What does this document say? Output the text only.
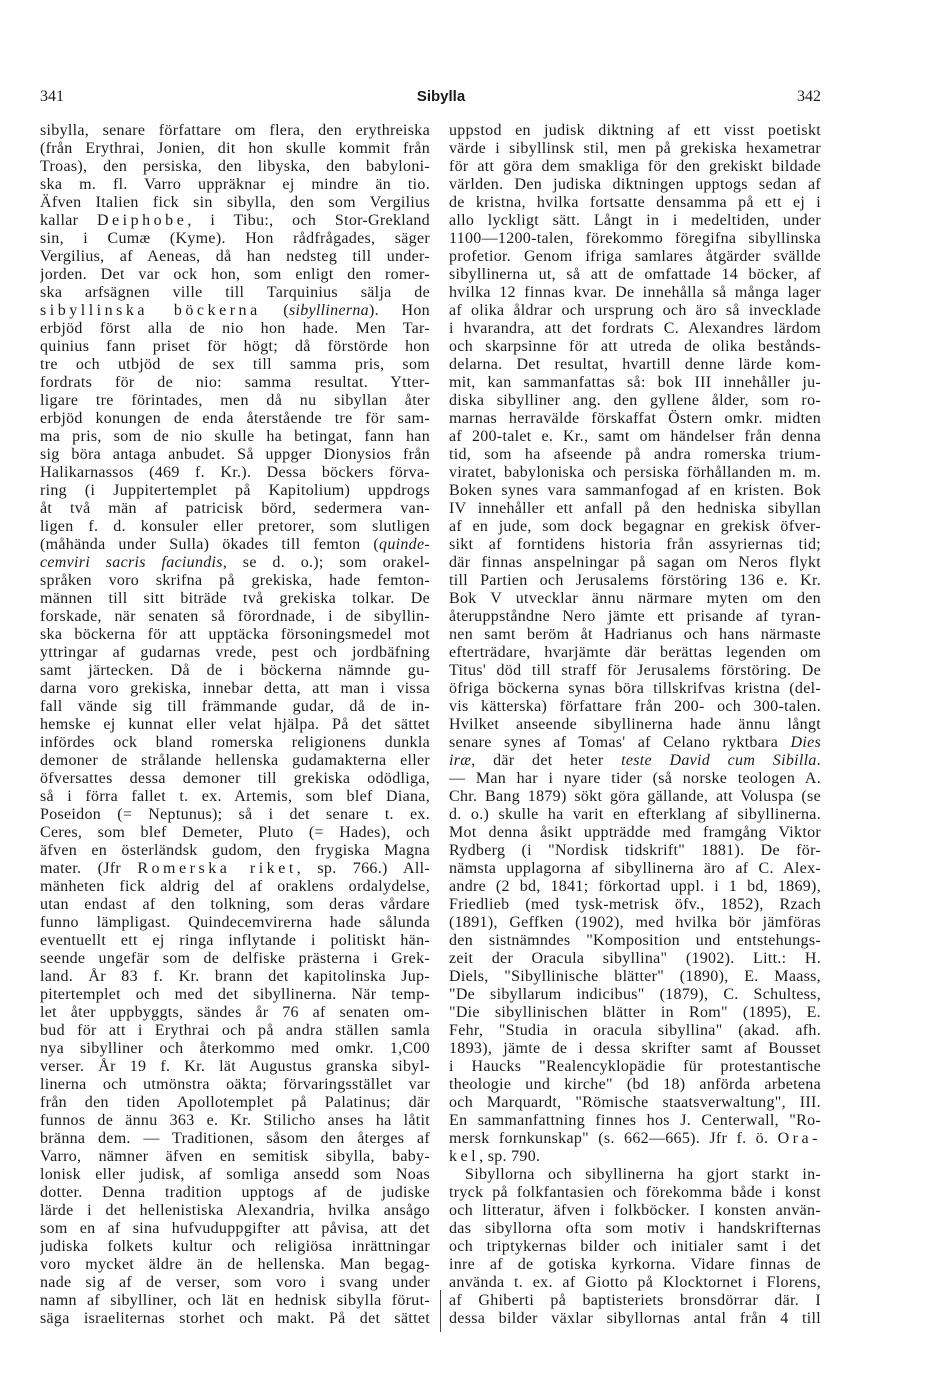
341	Sibylla	342
sibylla, senare författare om flera, den erythreiska
(från Erythrai, Jonien, dit hon skulle kommit från
Troas), den persiska, den libyska, den babyloni-
ska m. fl. Varro uppräknar ej mindre än tio.
Äfven Italien fick sin sibylla, den som Vergilius
kallar Deiphobe, i Tibu:, och Stor-Grekland
sin, i Cumæ (Kyme). Hon rådfrågades, säger
Vergilius, af Aeneas, då han nedsteg till under-
jorden. Det var ock hon, som enligt den romer-
ska arfsägnen ville till Tarquinius sälja de
sibyllinska böckerna (sibyllinerna). Hon
erbjöd först alla de nio hon hade. Men Tar-
quinius fann priset för högt; då förstörde hon
tre och utbjöd de sex till samma pris, som
fordrats för de nio: samma resultat. Ytter-
ligare tre förintades, men då nu sibyllan åter
erbjöd konungen de enda återstående tre för sam-
ma pris, som de nio skulle ha betingat, fann han
sig böra antaga anbudet. Så uppger Dionysios från
Halikarnassos (469 f. Kr.). Dessa böckers förva-
ring (i Juppitertemplet på Kapitolium) uppdrogs
åt två män af patricisk börd, sedermera van-
ligen f. d. konsuler eller pretorer, som slutligen
(måhända under Sulla) ökades till femton (quinde-
cemviri sacris faciundis, se d. o.); som orakel-
språken voro skrifna på grekiska, hade femton-
männen till sitt biträde två grekiska tolkar. De
forskade, när senaten så förordnade, i de sibyllin-
ska böckerna för att upptäcka försoningsmedel mot
yttringar af gudarnas vrede, pest och jordbäfning
samt järtecken. Då de i böckerna nämnde gu-
darna voro grekiska, innebar detta, att man i vissa
fall vände sig till främmande gudar, då de in-
hemske ej kunnat eller velat hjälpa. På det sättet
infördes ock bland romerska religionens dunkla
demoner de strålande hellenska gudamakterna eller
öfversattes dessa demoner till grekiska odödliga,
så i förra fallet t. ex. Artemis, som blef Diana,
Poseidon (= Neptunus); så i det senare t. ex.
Ceres, som blef Demeter, Pluto (= Hades), och
äfven en österländsk gudom, den frygiska Magna
mater. (Jfr Romerska riket, sp. 766.) All-
mänheten fick aldrig del af oraklens ordalydelse,
utan endast af den tolkning, som deras vårdare
funno lämpligast. Quindecemvirerna hade sålunda
eventuellt ett ej ringa inflytande i politiskt hän-
seende ungefär som de delfiske prästerna i Grek-
land. År 83 f. Kr. brann det kapitolinska Jup-
pitertemplet och med det sibyllinerna. När temp-
let åter uppbyggts, sändes år 76 af senaten om-
bud för att i Erythrai och på andra ställen samla
nya sibylliner och återkommo med omkr. 1,C00
verser. År 19 f. Kr. lät Augustus granska sibyl-
linerna och utmönstra oäkta; förvaringsstället var
från den tiden Apollotemplet på Palatinus; där
funnos de ännu 363 e. Kr. Stilicho anses ha låtit
bränna dem. — Traditionen, såsom den återges af
Varro, nämner äfven en semitisk sibylla, baby-
lonisk eller judisk, af somliga ansedd som Noas
dotter. Denna tradition upptogs af de judiske
lärde i det hellenistiska Alexandria, hvilka ansågo
som en af sina hufvuduppgifter att påvisa, att det
judiska folkets kultur och religiösa inrättningar
voro mycket äldre än de hellenska. Man begag-
nade sig af de verser, som voro i svang under
namn af sibylliner, och lät en hednisk sibylla förut-
säga israeliternas storhet och makt. På det sättet
uppstod en judisk diktning af ett visst poetiskt
värde i sibyllinsk stil, men på grekiska hexametrar
för att göra dem smakliga för den grekiskt bildade
världen. Den judiska diktningen upptogs sedan af
de kristna, hvilka fortsatte densamma på ett ej i
allo lyckligt sätt. Långt in i medeltiden, under
1100—1200-talen, förekommo föregifna sibyllinska
profetior. Genom ifriga samlares åtgärder svällde
sibyllinerna ut, så att de omfattade 14 böcker, af
hvilka 12 finnas kvar. De innehålla så många lager
af olika åldrar och ursprung och äro så invecklade
i hvarandra, att det fordrats C. Alexandres lärdom
och skarpsinne för att utreda de olika bestånds-
delarna. Det resultat, hvartill denne lärde kom-
mit, kan sammanfattas så: bok III innehåller ju-
diska sibylliner ang. den gyllene ålder, som ro-
marnas herravälde förskaffat Östern omkr. midten
af 200-talet e. Kr., samt om händelser från denna
tid, som ha afseende på andra romerska trium-
viratet, babyloniska och persiska förhållanden m. m.
Boken synes vara sammanfogad af en kristen. Bok
IV innehåller ett anfall på den hedniska sibyllan
af en jude, som dock begagnar en grekisk öfver-
sikt af forntidens historia från assyriernas tid;
där finnas anspelningar på sagan om Neros flykt
till Partien och Jerusalems förstöring 136 e. Kr.
Bok V utvecklar ännu närmare myten om den
återuppståndne Nero jämte ett prisande af tyran-
nen samt beröm åt Hadrianus och hans närmaste
efterträdare, hvarjämte där berättas legenden om
Titus' död till straff för Jerusalems förstöring. De
öfriga böckerna synas böra tillskrifvas kristna (del-
vis kätterska) författare från 200- och 300-talen.
Hvilket anseende sibyllinerna hade ännu långt
senare synes af Tomas' af Celano ryktbara Dies
iræ, där det heter teste David cum Sibilla.
— Man har i nyare tider (så norske teologen A.
Chr. Bang 1879) sökt göra gällande, att Voluspa (se
d. o.) skulle ha varit en efterklang af sibyllinerna.
Mot denna åsikt uppträdde med framgång Viktor
Rydberg (i "Nordisk tidskrift" 1881). De för-
nämsta upplagorna af sibyllinerna äro af C. Alex-
andre (2 bd, 1841; förkortad uppl. i 1 bd, 1869),
Friedlieb (med tysk-metrisk öfv., 1852), Rzach
(1891), Geffken (1902), med hvilka bör jämföras
den sistnämndes "Komposition und entstehungs-
zeit der Oracula sibyllina" (1902). Litt.: H.
Diels, "Sibyllinische blätter" (1890), E. Maass,
"De sibyllarum indicibus" (1879), C. Schultess,
"Die sibyllinischen blätter in Rom" (1895), E.
Fehr, "Studia in oracula sibyllina" (akad. afh.
1893), jämte de i dessa skrifter samt af Bousset
i Haucks "Realencyklopädie für protestantische
theologie und kirche" (bd 18) anförda arbetena
och Marquardt, "Römische staatsverwaltung", III.
En sammanfattning finnes hos J. Centerwall, "Ro-
mersk fornkunskap" (s. 662—665). Jfr f. ö. Ora-
kel, sp. 790.
Sibyllorna och sibyllinerna ha gjort starkt in-
tryck på folkfantasien och förekomma både i konst
och litteratur, äfven i folkböcker. I konsten använ-
das sibyllorna ofta som motiv i handskrifternas
och triptykernas bilder och initialer samt i det
inre af de gotiska kyrkorna. Vidare finnas de
använda t. ex. af Giotto på Klocktornet i Florens,
af Ghiberti på baptisteriets bronsdörrar där. I
dessa bilder växlar sibyllornas antal från 4 till
